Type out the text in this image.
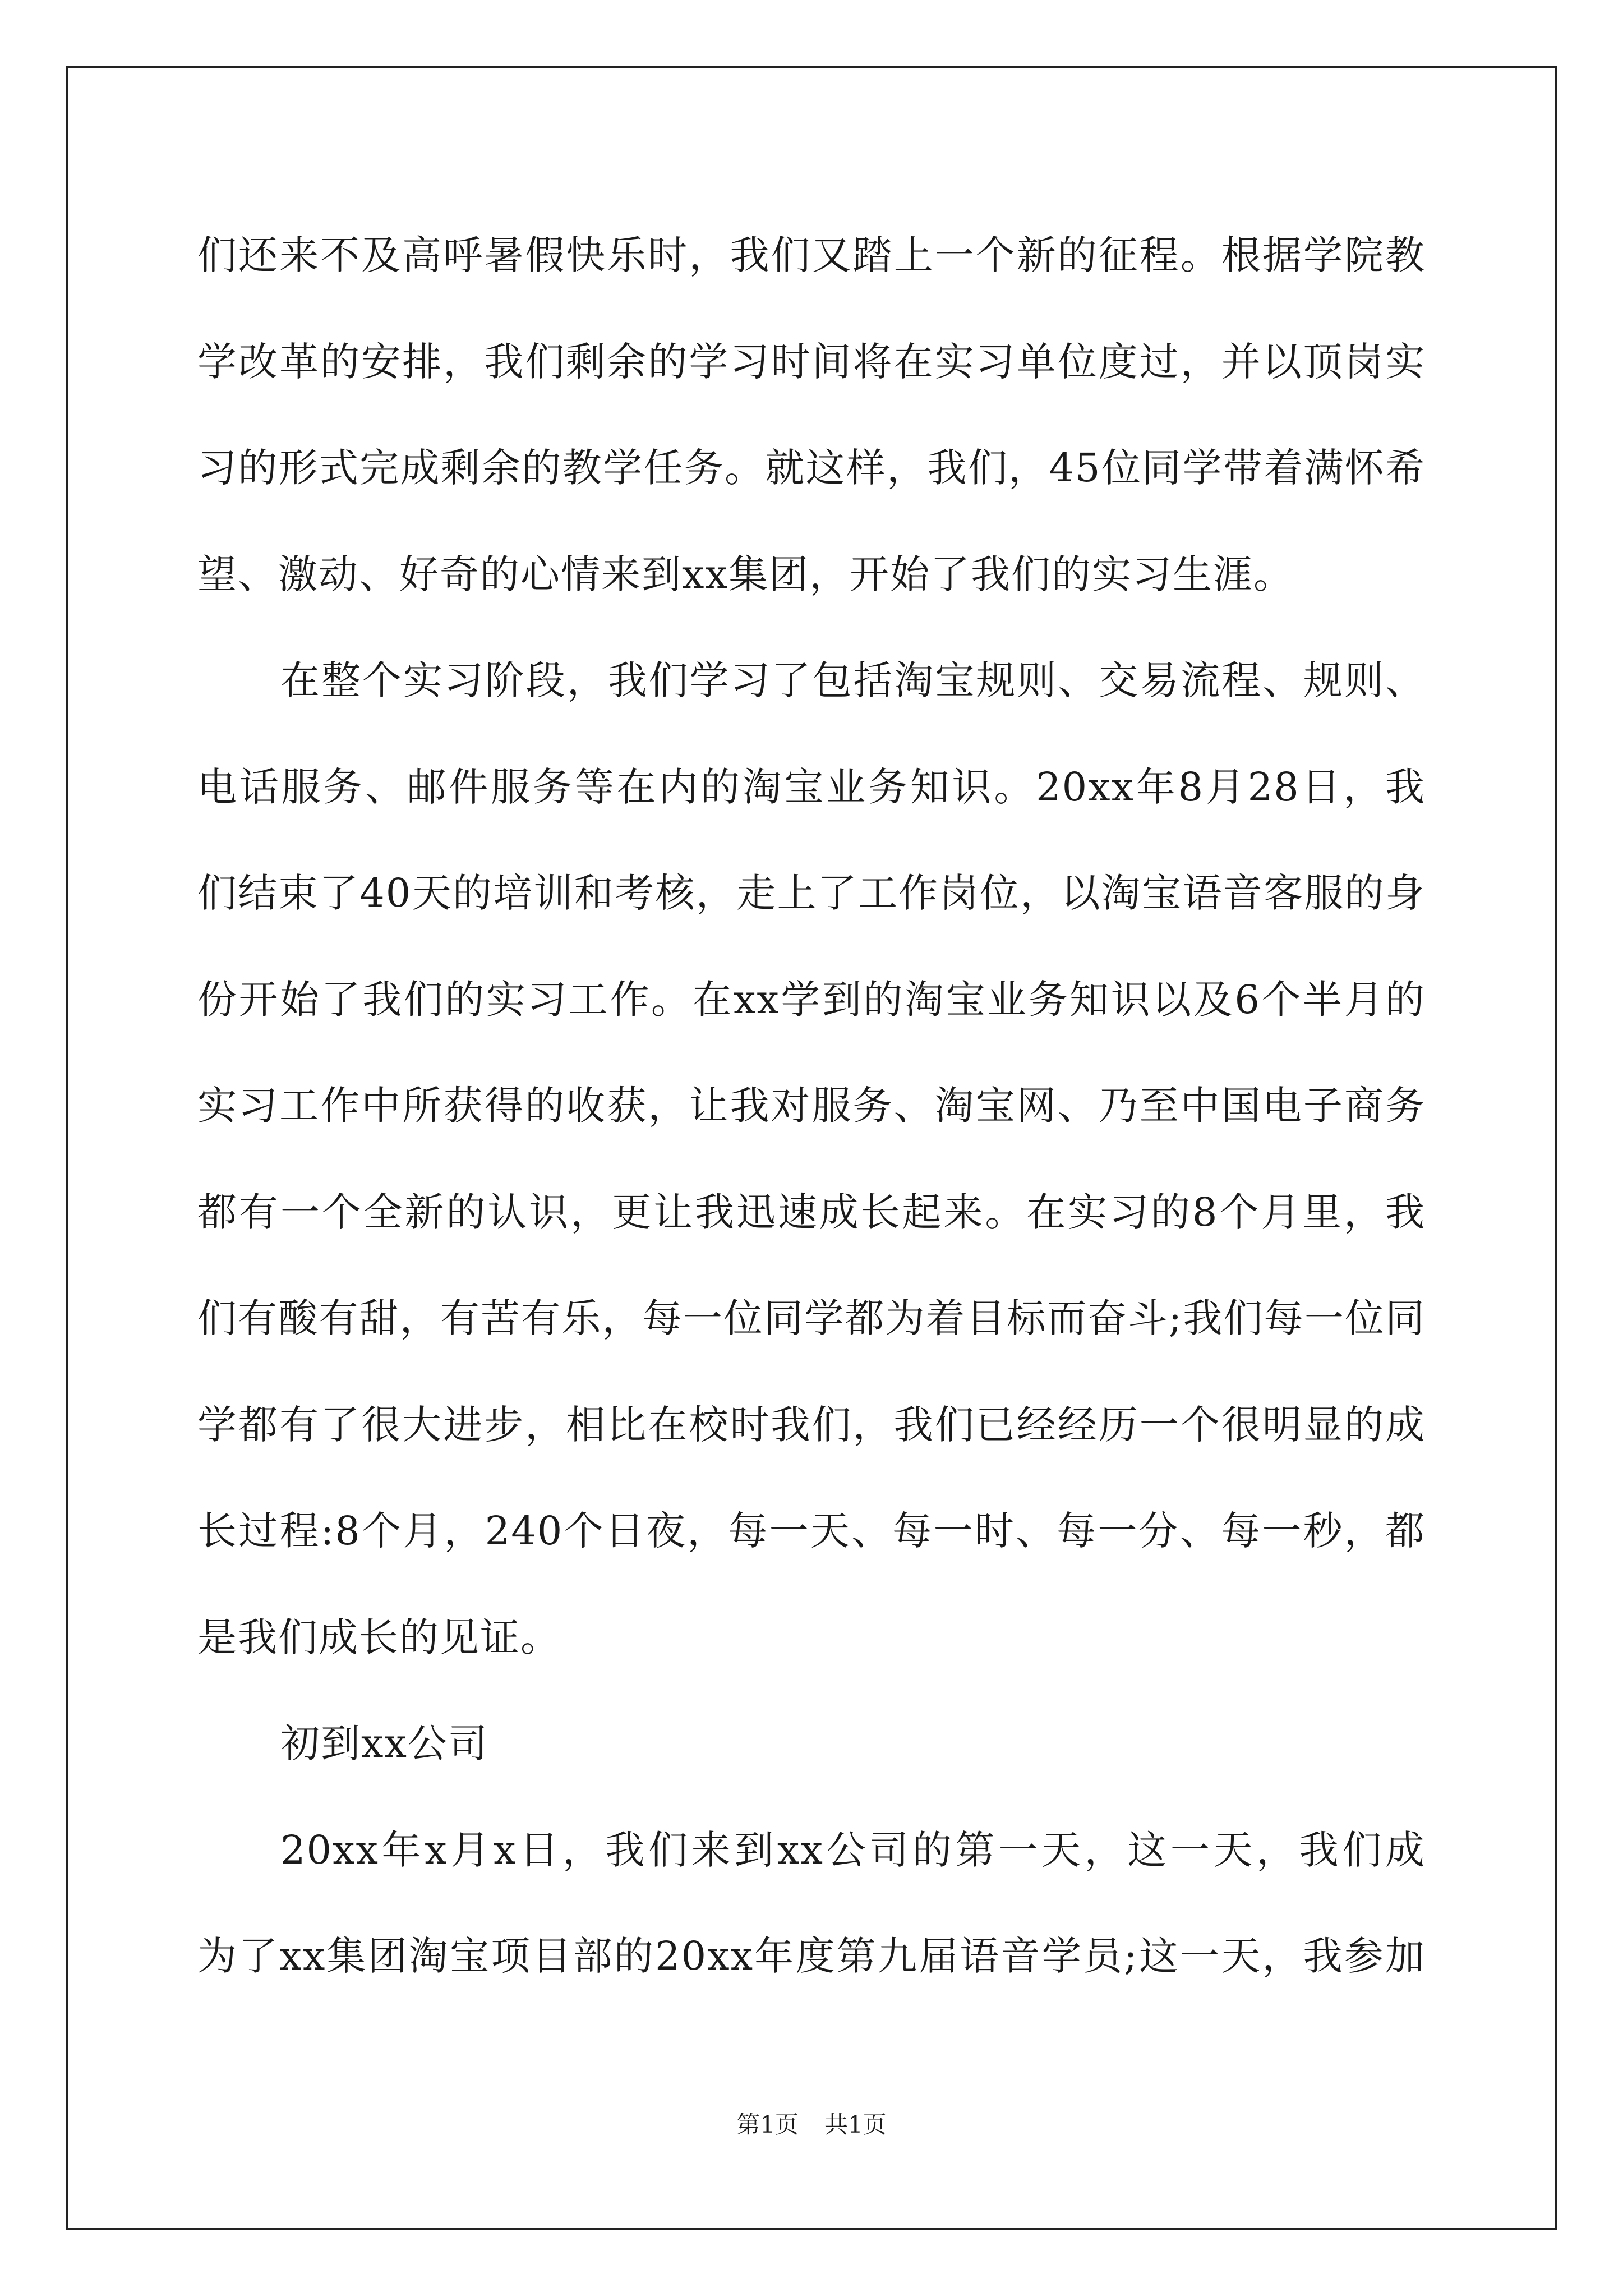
们还来不及高呼暑假快乐时，我们又踏上一个新的征程。根据学院教
学改革的安排，我们剩余的学习时间将在实习单位度过，并以顶岗实
习的形式完成剩余的教学任务。就这样，我们，45位同学带着满怀希
望、激动、好奇的心情来到xx集团，开始了我们的实习生涯。
在整个实习阶段，我们学习了包括淘宝规则、交易流程、规则、
电话服务、邮件服务等在内的淘宝业务知识。20xx年8月28日，我
们结束了40天的培训和考核，走上了工作岗位，以淘宝语音客服的身
份开始了我们的实习工作。在xx学到的淘宝业务知识以及6个半月的
实习工作中所获得的收获，让我对服务、淘宝网、乃至中国电子商务
都有一个全新的认识，更让我迅速成长起来。在实习的8个月里，我
们有酸有甜，有苦有乐，每一位同学都为着目标而奋斗;我们每一位同
学都有了很大进步，相比在校时我们，我们已经经历一个很明显的成
长过程:8个月，240个日夜，每一天、每一时、每一分、每一秒，都
是我们成长的见证。
初到xx公司
20xx年x月x日，我们来到xx公司的第一天，这一天，我们成
为了xx集团淘宝项目部的20xx年度第九届语音学员;这一天，我参加
第1页 共1页
